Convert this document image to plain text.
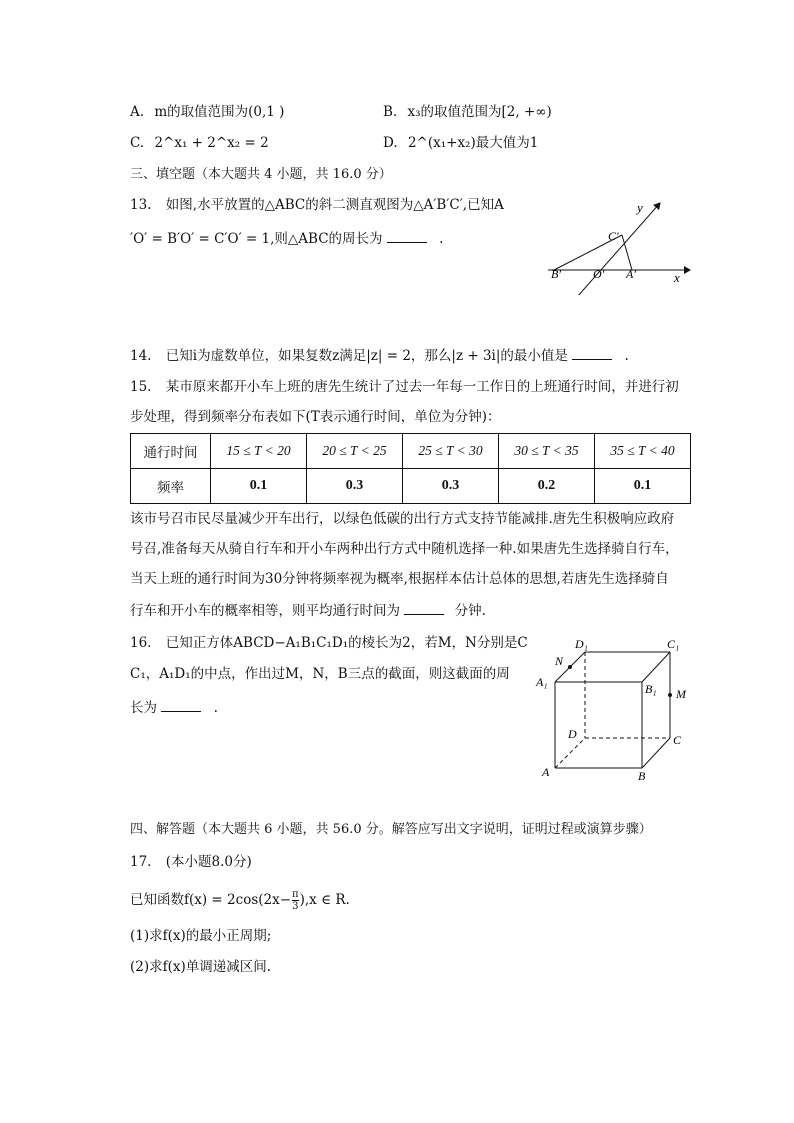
A. m的取值范围为(0,1 )	B. x₃的取值范围为[2, +∞)
C. 2^x₁ + 2^x₂ = 2	D. 2^(x₁+x₂)最大值为1
三、填空题（本大题共 4 小题，共 16.0 分）
13. 如图,水平放置的△ABC的斜二测直观图为△A′B′C′,已知A
′O′ = B′O′ = C′O′ = 1,则△ABC的周长为	.
y
x
B′	O′ A′
C′
14. 已知i为虚数单位，如果复数z满足|z| = 2，那么|z + 3i|的最小值是	.
15. 某市原来都开小车上班的唐先生统计了过去一年每一工作日的上班通行时间，并进行初
步处理，得到频率分布表如下(T表示通行时间，单位为分钟)：
通行时间	15 ≤ T < 20	20 ≤ T < 25	25 ≤ T < 30	30 ≤ T < 35	35 ≤ T < 40
频率	0.1	0.3	0.3	0.2	0.1
该市号召市民尽量减少开车出行，以绿色低碳的出行方式支持节能减排.唐先生积极响应政府
号召,准备每天从骑自行车和开小车两种出行方式中随机选择一种.如果唐先生选择骑自行车，
当天上班的通行时间为30分钟将频率视为概率,根据样本估计总体的思想,若唐先生选择骑自
行车和开小车的概率相等，则平均通行时间为	分钟.
16. 已知正方体ABCD−A₁B₁C₁D₁的棱长为2，若M，N分别是C
C₁，A₁D₁的中点，作出过M，N，B三点的截面，则这截面的周
长为	.
D₁	C₁
N
A₁	B₁ M
D	C
A	B
四、解答题（本大题共 6 小题，共 56.0 分。解答应写出文字说明，证明过程或演算步骤）
17. (本小题8.0分)
已知函数$f(x) = 2\cos(2x- \frac{\pi}{3} ),x$ ∈ R.
(1)求f(x)的最小正周期;
(2)求f(x)单调递减区间.
